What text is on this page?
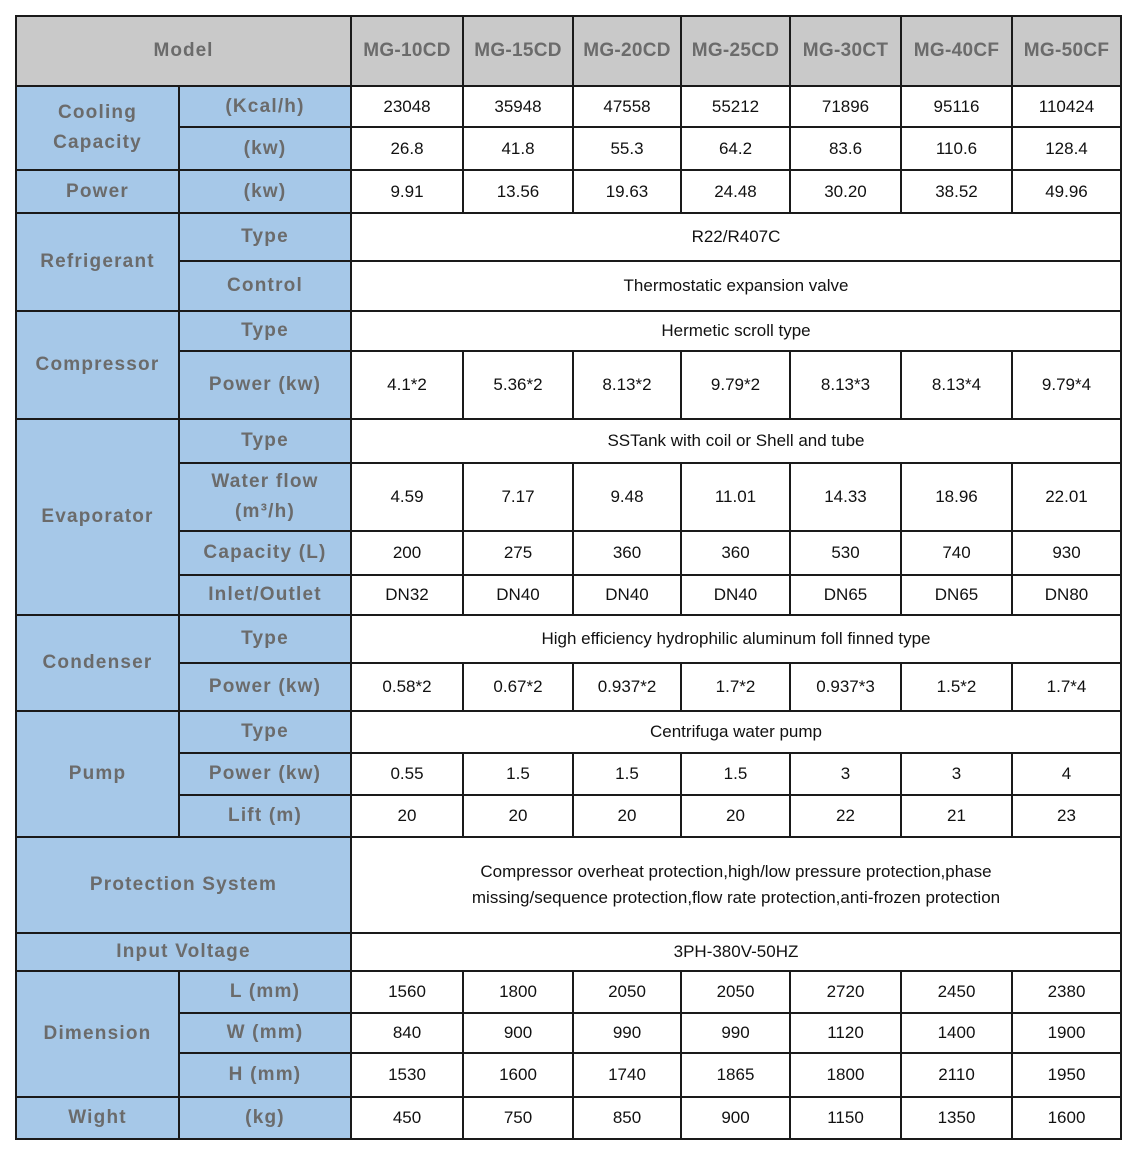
Model		MG-10CD	MG-15CD	MG-20CD	MG-25CD	MG-30CT	MG-40CF	MG-50CF
Cooling Capacity	(Kcal/h)	23048	35948	47558	55212	71896	95116	110424
	(kw)	26.8	41.8	55.3	64.2	83.6	110.6	128.4
Power	(kw)	9.91	13.56	19.63	24.48	30.20	38.52	49.96
Refrigerant	Type	R22/R407C						
	Control	Thermostatic expansion valve						
Compressor	Type	Hermetic scroll type						
	Power (kw)	4.1*2	5.36*2	8.13*2	9.79*2	8.13*3	8.13*4	9.79*4
Evaporator	Type	SSTank with coil or Shell and tube						
	Water flow (m³/h)	4.59	7.17	9.48	11.01	14.33	18.96	22.01
	Capacity (L)	200	275	360	360	530	740	930
	Inlet/Outlet	DN32	DN40	DN40	DN40	DN65	DN65	DN80
Condenser	Type	High efficiency hydrophilic aluminum foll finned type						
	Power (kw)	0.58*2	0.67*2	0.937*2	1.7*2	0.937*3	1.5*2	1.7*4
Pump	Type	Centrifuga water pump						
	Power (kw)	0.55	1.5	1.5	1.5	3	3	4
	Lift (m)	20	20	20	20	22	21	23
Protection System		Compressor overheat protection,high/low pressure protection,phase missing/sequence protection,flow rate protection,anti-frozen protection						
Input Voltage		3PH-380V-50HZ						
Dimension	L (mm)	1560	1800	2050	2050	2720	2450	2380
	W (mm)	840	900	990	990	1120	1400	1900
	H (mm)	1530	1600	1740	1865	1800	2110	1950
Wight	(kg)	450	750	850	900	1150	1350	1600
